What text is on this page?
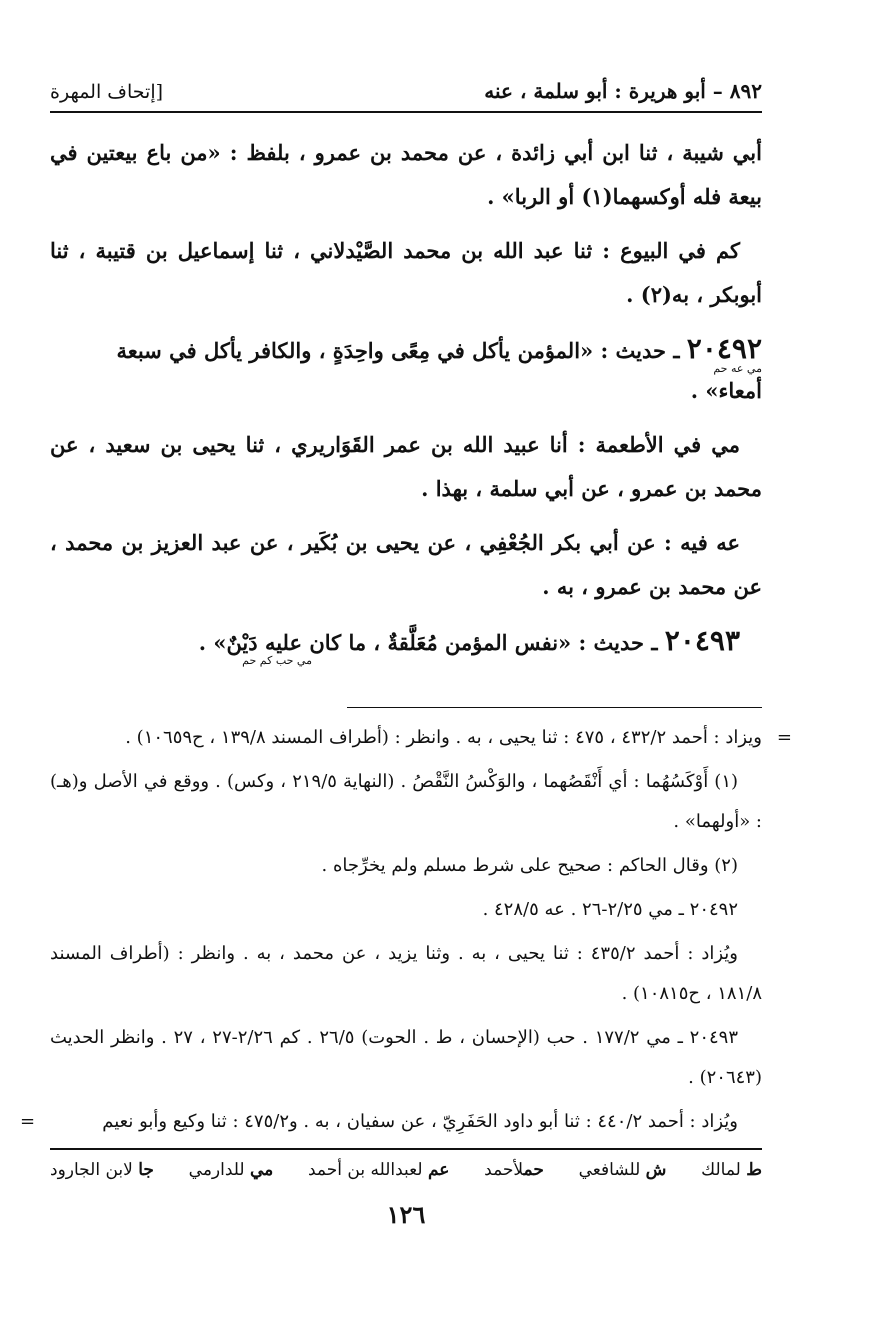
٨٩٢ – أبو هريرة : أبو سلمة ، عنه
[إتحاف المهرة

أبي شيبة ، ثنا ابن أبي زائدة ، عن محمد بن عمرو ، بلفظ : «من باع بيعتين في بيعة فله أوكسهما(١) أو الربا» .

كم في البيوع : ثنا عبد الله بن محمد الصَّيْدلاني ، ثنا إسماعيل بن قتيبة ، ثنا أبوبكر ، به(٢) .

٢٠٤٩٢ ـ حديث : «المؤمن يأكل في مِعًى واحِدَةٍ ، والكافر يأكل في سبعة

مي عه حم

أمعاء» .

مي في الأطعمة : أنا عبيد الله بن عمر القَوَاريري ، ثنا يحيى بن سعيد ، عن محمد بن عمرو ، عن أبي سلمة ، بهذا .

عه فيه : عن أبي بكر الجُعْفِي ، عن يحيى بن بُكَير ، عن عبد العزيز بن محمد ، عن محمد بن عمرو ، به .

٢٠٤٩٣ ـ حديث : «نفس المؤمن مُعَلَّقةٌ ، ما كان عليه دَيْنٌ» .

مي حب كم حم

=
ويزاد : أحمد ٤٣٢/٢ ، ٤٧٥ : ثنا يحيى ، به . وانظر : (أطراف المسند ١٣٩/٨ ، ح١٠٦٥٩) .

(١) أَوْكَسُهُما : أي أَنْقَصُهما ، والوَكْسُ النَّقْصُ . (النهاية ٢١٩/٥ ، وكس) . ووقع في الأصل و(هـ) : «أولهما» .

(٢) وقال الحاكم : صحيح على شرط مسلم ولم يخرِّجاه .

٢٠٤٩٢ ـ مي ٢/٢٥-٢٦ . عه ٤٢٨/٥ .

ويُزاد : أحمد ٤٣٥/٢ : ثنا يحيى ، به . وثنا يزيد ، عن محمد ، به . وانظر : (أطراف المسند ١٨١/٨ ، ح١٠٨١٥) .

٢٠٤٩٣ ـ مي ١٧٧/٢ . حب (الإحسان ، ط . الحوت) ٢٦/٥ . كم ٢/٢٦-٢٧ ، ٢٧ . وانظر الحديث (٢٠٦٤٣) .

ويُزاد : أحمد ٤٤٠/٢ : ثنا أبو داود الحَفَرِيّ ، عن سفيان ، به . و٤٧٥/٢ : ثنا وكيع وأبو نعيم
=

ط لمالك
ش للشافعي
حملأحمد
عم لعبدالله بن أحمد
مي للدارمي
جا لابن الجارود
١٢٦
